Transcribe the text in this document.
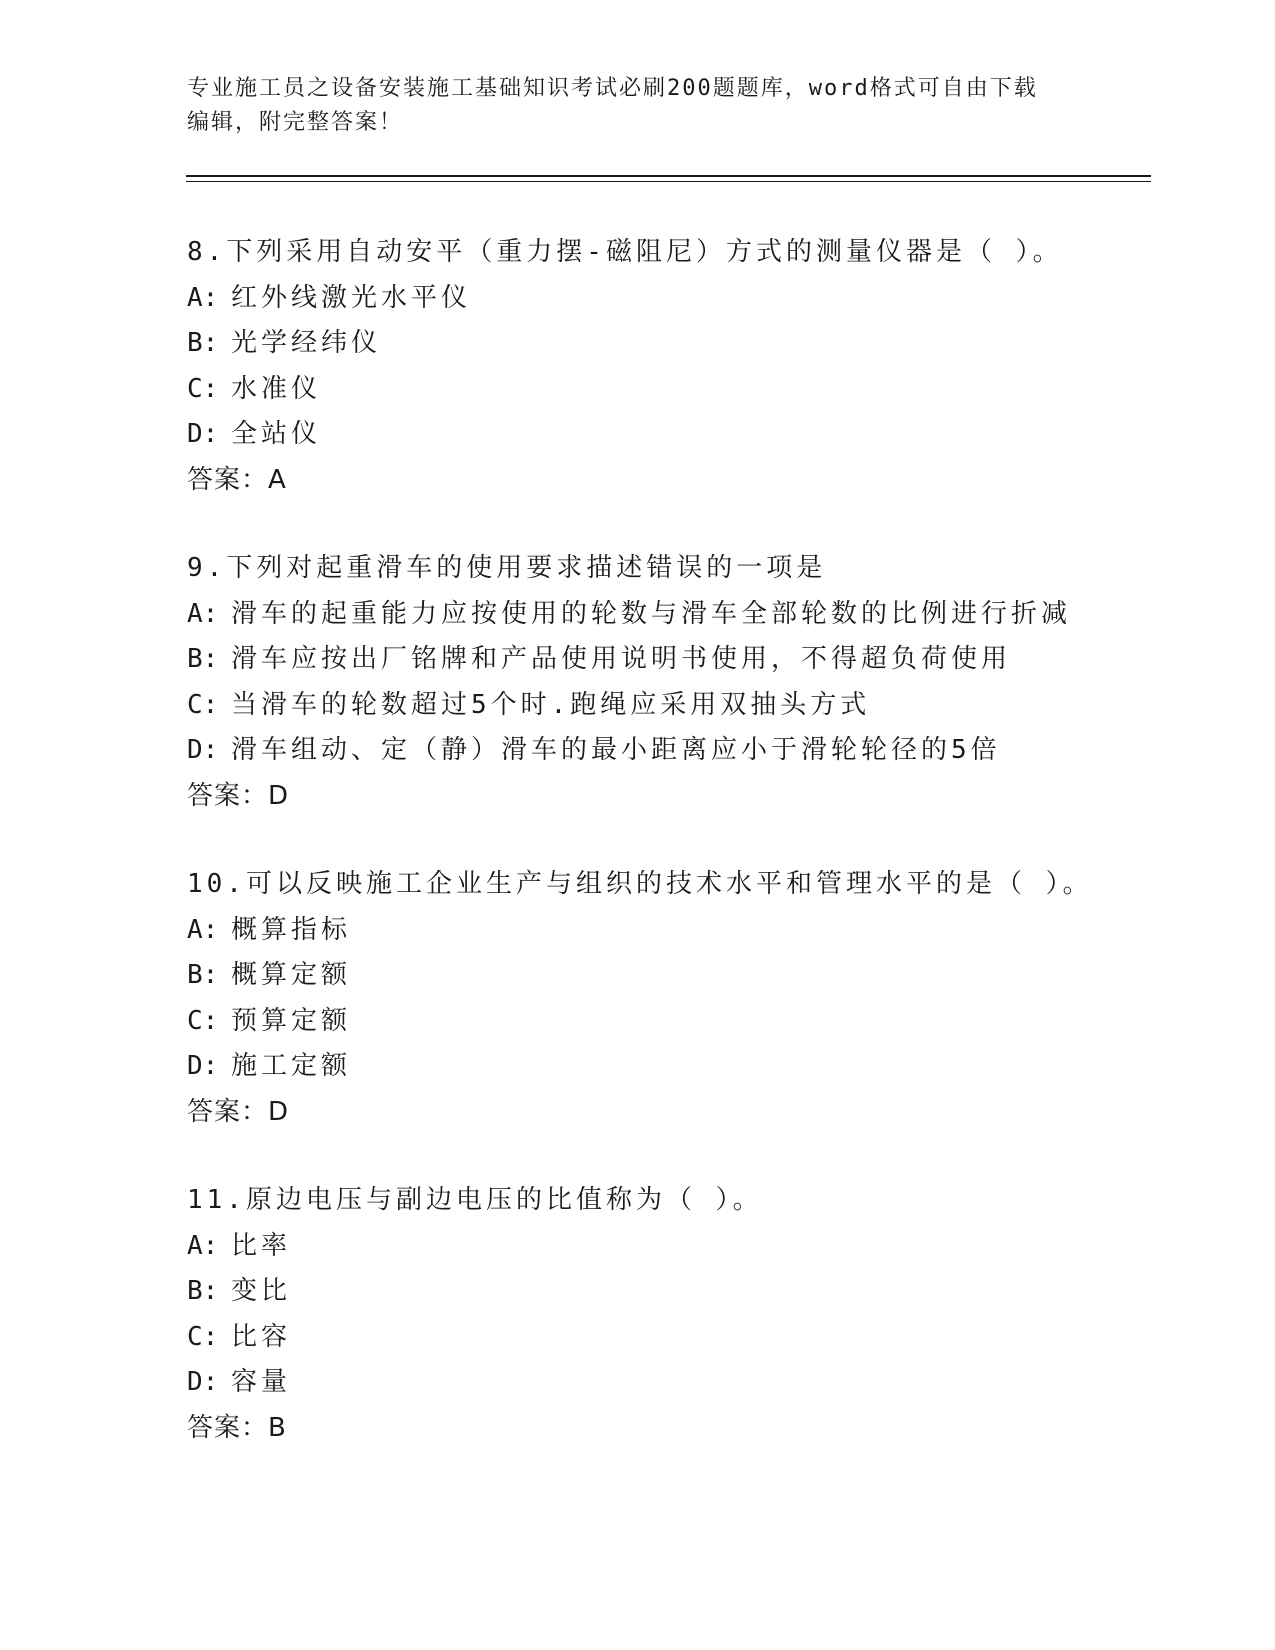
专业施工员之设备安装施工基础知识考试必刷200题题库，word格式可自由下载
编辑，附完整答案！
8.下列采用自动安平（重力摆-磁阻尼）方式的测量仪器是（ ）。
A: 红外线激光水平仪
B: 光学经纬仪
C: 水准仪
D: 全站仪
答案：A
9.下列对起重滑车的使用要求描述错误的一项是
A: 滑车的起重能力应按使用的轮数与滑车全部轮数的比例进行折减
B: 滑车应按出厂铭牌和产品使用说明书使用，不得超负荷使用
C: 当滑车的轮数超过5个时.跑绳应采用双抽头方式
D: 滑车组动、定（静）滑车的最小距离应小于滑轮轮径的5倍
答案：D
10.可以反映施工企业生产与组织的技术水平和管理水平的是（ ）。
A: 概算指标
B: 概算定额
C: 预算定额
D: 施工定额
答案：D
11.原边电压与副边电压的比值称为（ ）。
A: 比率
B: 变比
C: 比容
D: 容量
答案：B
